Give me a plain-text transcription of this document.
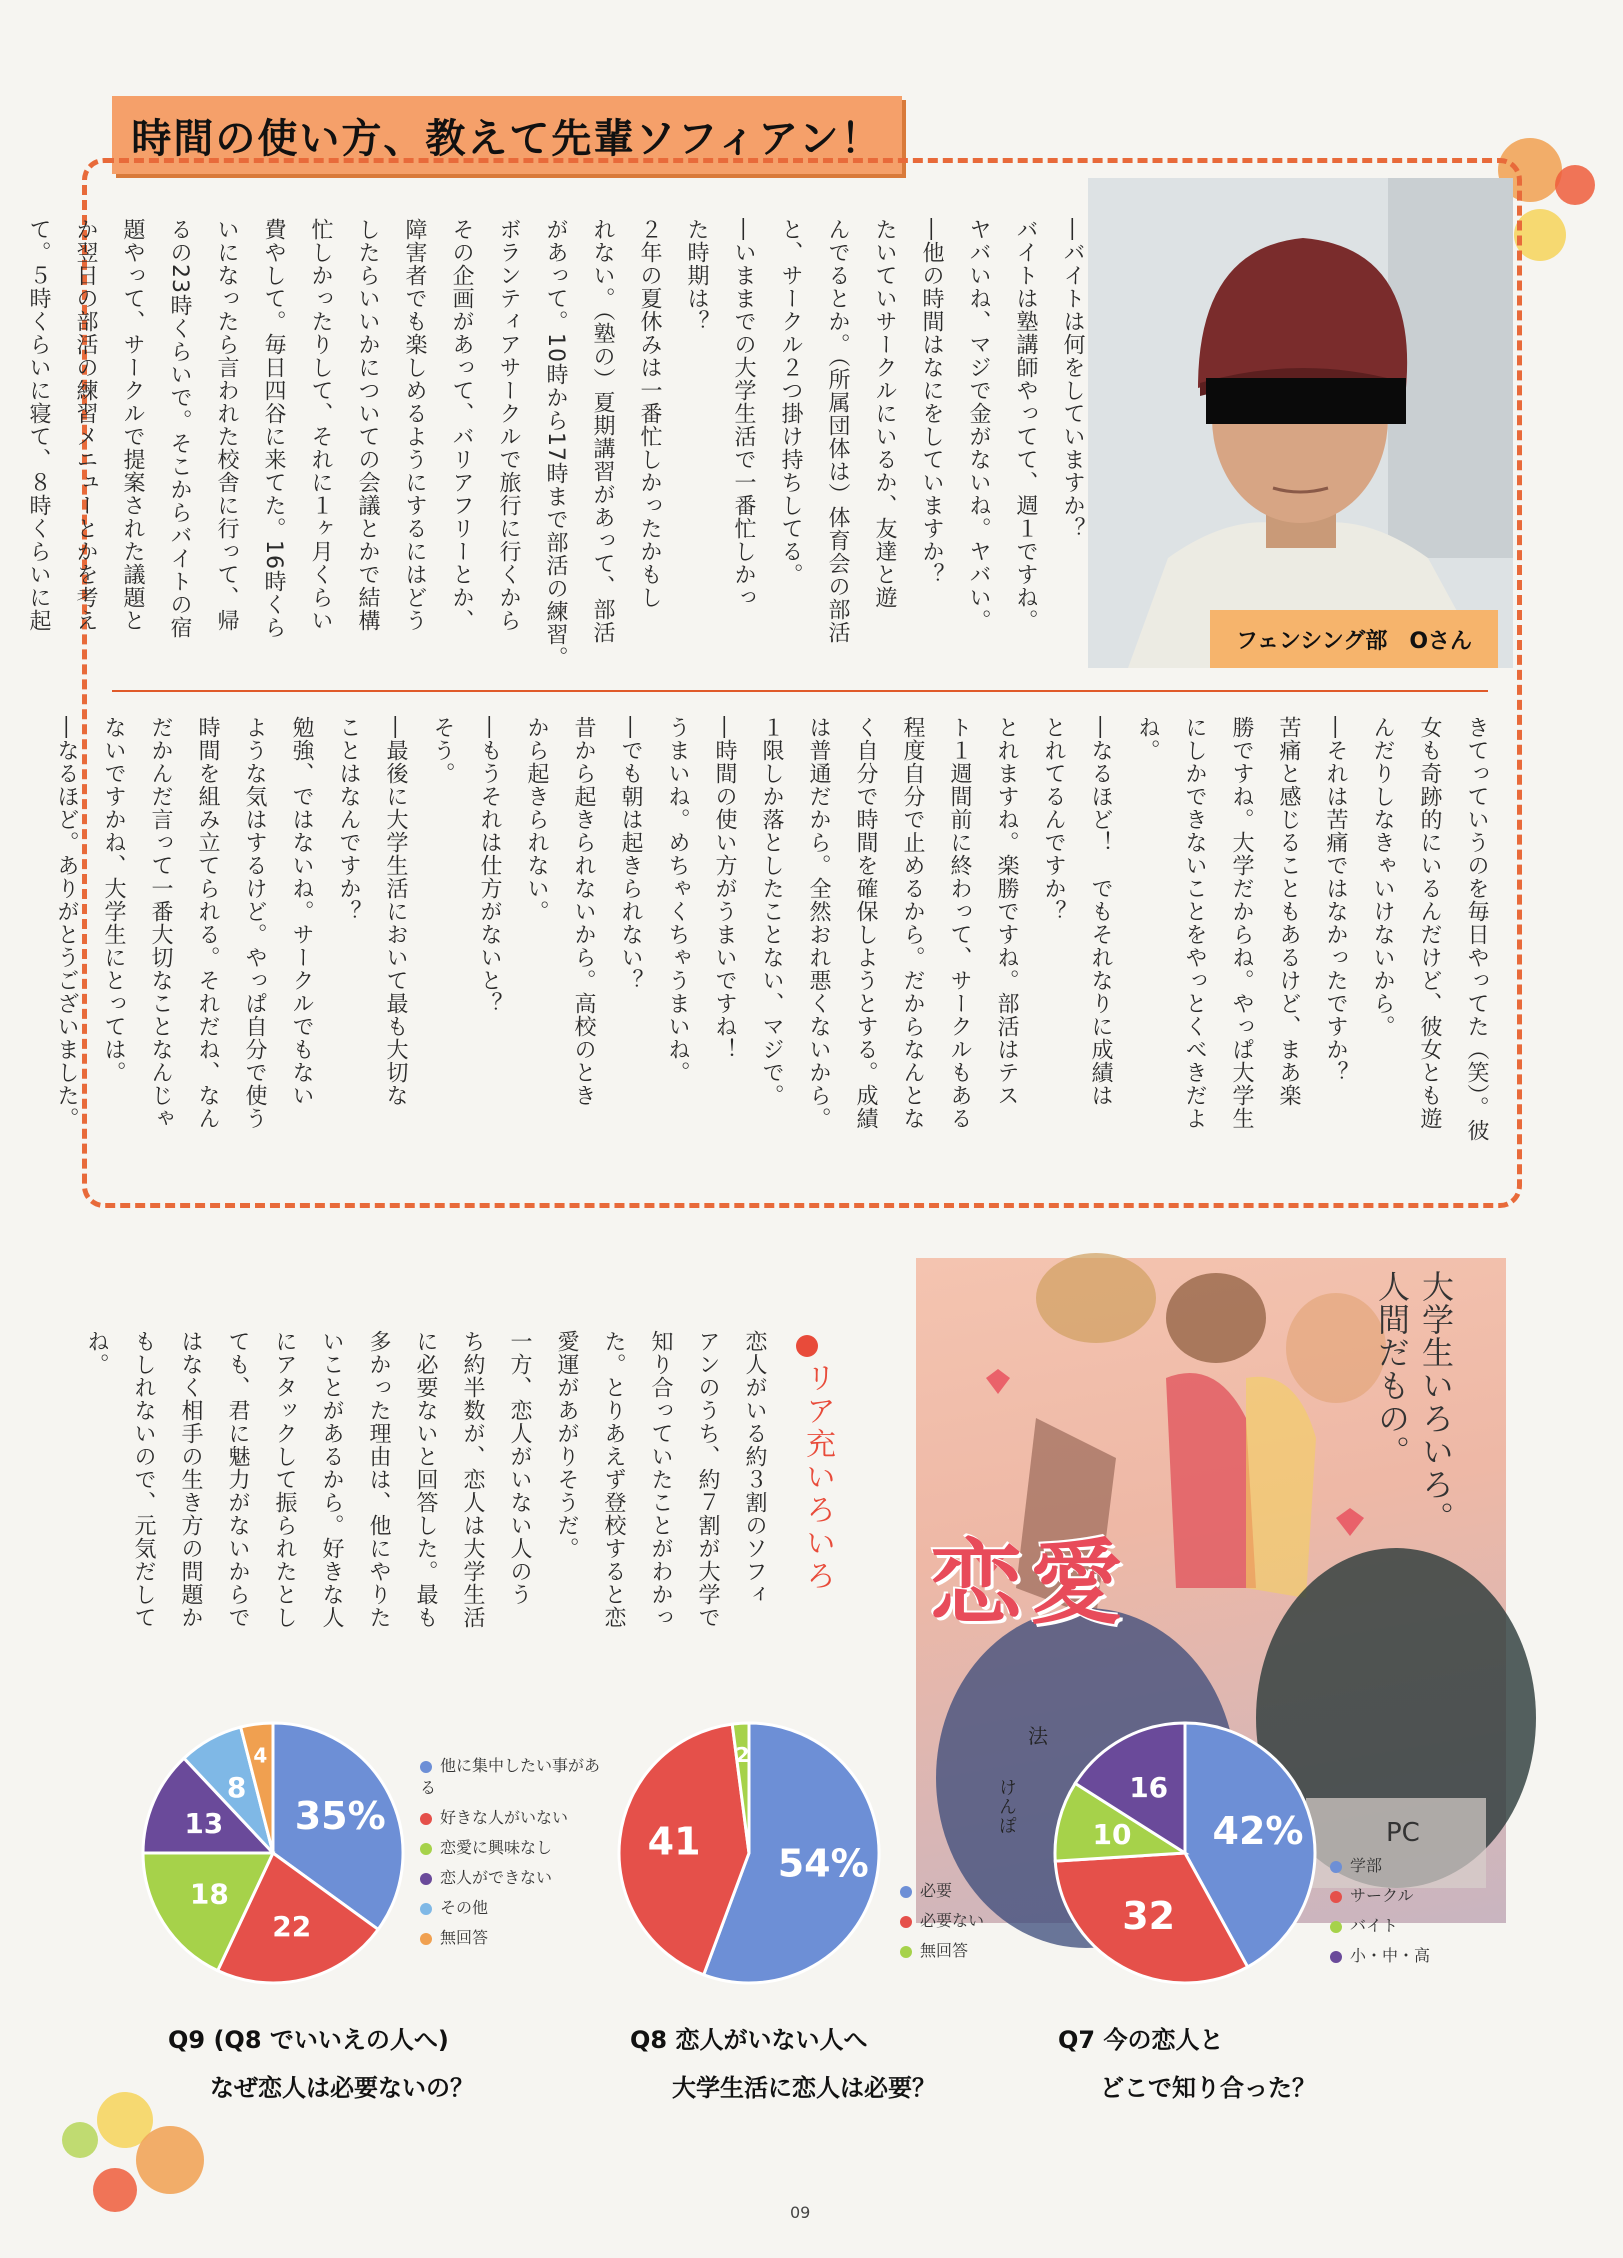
時間の使い方、教えて先輩ソフィアン！
フェンシング部　Oさん
―バイトは何をしていますか？
バイトは塾講師やってて、週１ですね。
ヤバいね、マジで金がないね。ヤバい。
―他の時間はなにをしていますか？
たいていサークルにいるか、友達と遊
んでるとか。（所属団体は）体育会の部活
と、サークル２つ掛け持ちしてる。
―いままでの大学生活で一番忙しかっ
た時期は？
２年の夏休みは一番忙しかったかもし
れない。（塾の）夏期講習があって、部活
があって。10時から17時まで部活の練習。
ボランティアサークルで旅行に行くから
その企画があって、バリアフリーとか、
障害者でも楽しめるようにするにはどう
したらいいかについての会議とかで結構
忙しかったりして、それに１ヶ月くらい
費やして。毎日四谷に来てた。16時くら
いになったら言われた校舎に行って、帰
るの23時くらいで。そこからバイトの宿
題やって、サークルで提案された議題と
か翌日の部活の練習メニューとかを考え
て。５時くらいに寝て、８時くらいに起
きてっていうのを毎日やってた（笑）。彼
女も奇跡的にいるんだけど、彼女とも遊
んだりしなきゃいけないから。
―それは苦痛ではなかったですか？
苦痛と感じることもあるけど、まあ楽
勝ですね。大学だからね。やっぱ大学生
にしかできないことをやっとくべきだよ
ね。
―なるほど！　でもそれなりに成績は
とれてるんですか？
とれますね。楽勝ですね。部活はテス
ト１週間前に終わって、サークルもある
程度自分で止めるから。だからなんとな
く自分で時間を確保しようとする。成績
は普通だから。全然おれ悪くないから。
１限しか落としたことない、マジで。
―時間の使い方がうまいですね！
うまいね。めちゃくちゃうまいね。
―でも朝は起きられない？
昔から起きられないから。高校のとき
から起きられない。
―もうそれは仕方がないと？
そう。
―最後に大学生活において最も大切な
ことはなんですか？
勉強、ではないね。サークルでもない
ような気はするけど。やっぱ自分で使う
時間を組み立てられる。それだね、なん
だかんだ言って一番大切なことなんじゃ
ないですかね、大学生にとっては。
―なるほど。ありがとうございました。
PC
けんぽ
法
恋愛
大学生いろいろ。
人間だもの。
リア充いろいろ
恋人がいる約３割のソフィ
アンのうち、約７割が大学で
知り合っていたことがわかっ
た。とりあえず登校すると恋
愛運があがりそうだ。
一方、恋人がいない人のう
ち約半数が、恋人は大学生活
に必要ないと回答した。最も
多かった理由は、他にやりた
いことがあるから。好きな人
にアタックして振られたとし
ても、君に魅力がないからで
はなく相手の生き方の問題か
もしれないので、元気だして
ね。
35%
22
18
13
8
4	他に集中したい事がある
好きな人がいない
恋愛に興味なし
恋人ができない
その他
無回答
54%
41
2
必要
必要ない
無回答
42%
32
10
16
学部
サークル
バイト
小・中・高
Q9 (Q8 でいいえの人へ)
なぜ恋人は必要ないの？
Q8 恋人がいない人へ
大学生活に恋人は必要？
Q7 今の恋人と
どこで知り合った？
09
